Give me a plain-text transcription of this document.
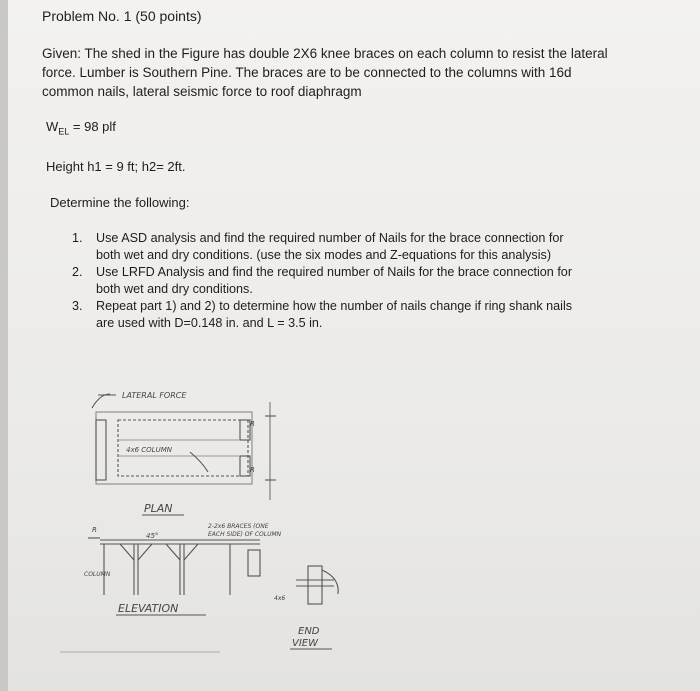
Problem No. 1 (50 points)
Given: The shed in the Figure has double 2X6 knee braces on each column to resist the lateral
force. Lumber is Southern Pine. The braces are to be connected to the columns with 16d
common nails, lateral seismic force to roof diaphragm
$W_{EL} = 98$ plf
Height h1 = 9 ft; h2= 2ft.
Determine the following:
1. Use ASD analysis and find the required number of Nails for the brace connection for
both wet and dry conditions. (use the six modes and Z-equations for this analysis)
2. Use LRFD Analysis and find the required number of Nails for the brace connection for
both wet and dry conditions.
3. Repeat part 1) and 2) to determine how the number of nails change if ring shank nails
are used with D=0.148 in. and L = 3.5 in.
LATERAL FORCE
4x6 COLUMN
R
R
PLAN
R
45°
COLUMN
2-2x6 BRACES (ONE
EACH SIDE) OF COLUMN
ELEVATION
4x6
END
VIEW
